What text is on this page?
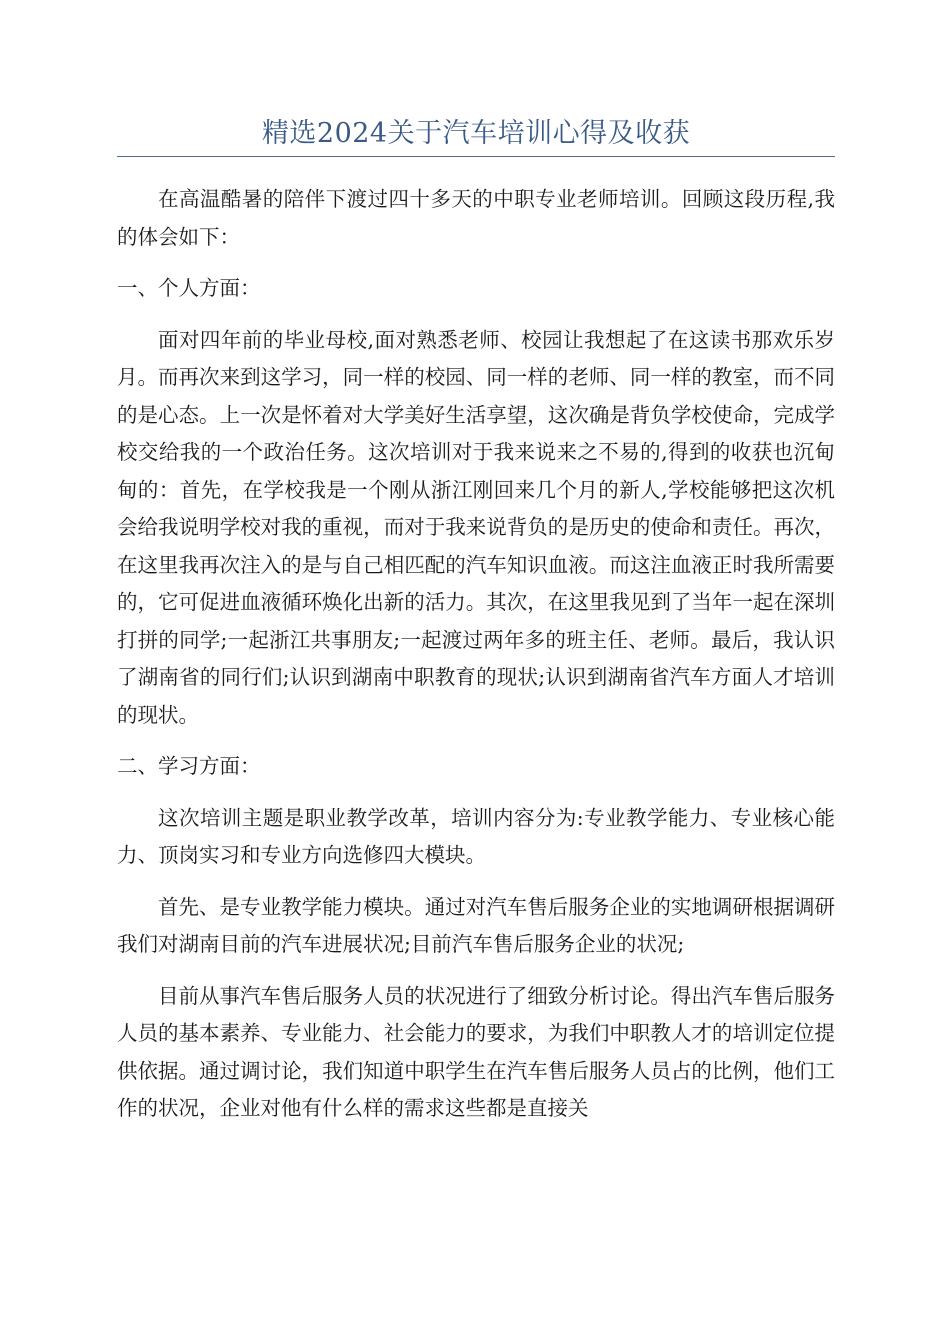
精选2024关于汽车培训心得及收获

在高温酷暑的陪伴下渡过四十多天的中职专业老师培训。回顾这段历程,我的体会如下：

一、个人方面：

面对四年前的毕业母校,面对熟悉老师、校园让我想起了在这读书那欢乐岁月。而再次来到这学习，同一样的校园、同一样的老师、同一样的教室，而不同的是心态。上一次是怀着对大学美好生活享望，这次确是背负学校使命，完成学校交给我的一个政治任务。这次培训对于我来说来之不易的,得到的收获也沉甸甸的：首先，在学校我是一个刚从浙江刚回来几个月的新人,学校能够把这次机会给我说明学校对我的重视，而对于我来说背负的是历史的使命和责任。再次，在这里我再次注入的是与自己相匹配的汽车知识血液。而这注血液正时我所需要的，它可促进血液循环焕化出新的活力。其次，在这里我见到了当年一起在深圳打拼的同学;一起浙江共事朋友;一起渡过两年多的班主任、老师。最后，我认识了湖南省的同行们;认识到湖南中职教育的现状;认识到湖南省汽车方面人才培训的现状。

二、学习方面：

这次培训主题是职业教学改革，培训内容分为:专业教学能力、专业核心能力、顶岗实习和专业方向选修四大模块。

首先、是专业教学能力模块。通过对汽车售后服务企业的实地调研根据调研我们对湖南目前的汽车进展状况;目前汽车售后服务企业的状况;

目前从事汽车售后服务人员的状况进行了细致分析讨论。得出汽车售后服务人员的基本素养、专业能力、社会能力的要求，为我们中职教人才的培训定位提供依据。通过调讨论，我们知道中职学生在汽车售后服务人员占的比例，他们工作的状况，企业对他有什么样的需求这些都是直接关
